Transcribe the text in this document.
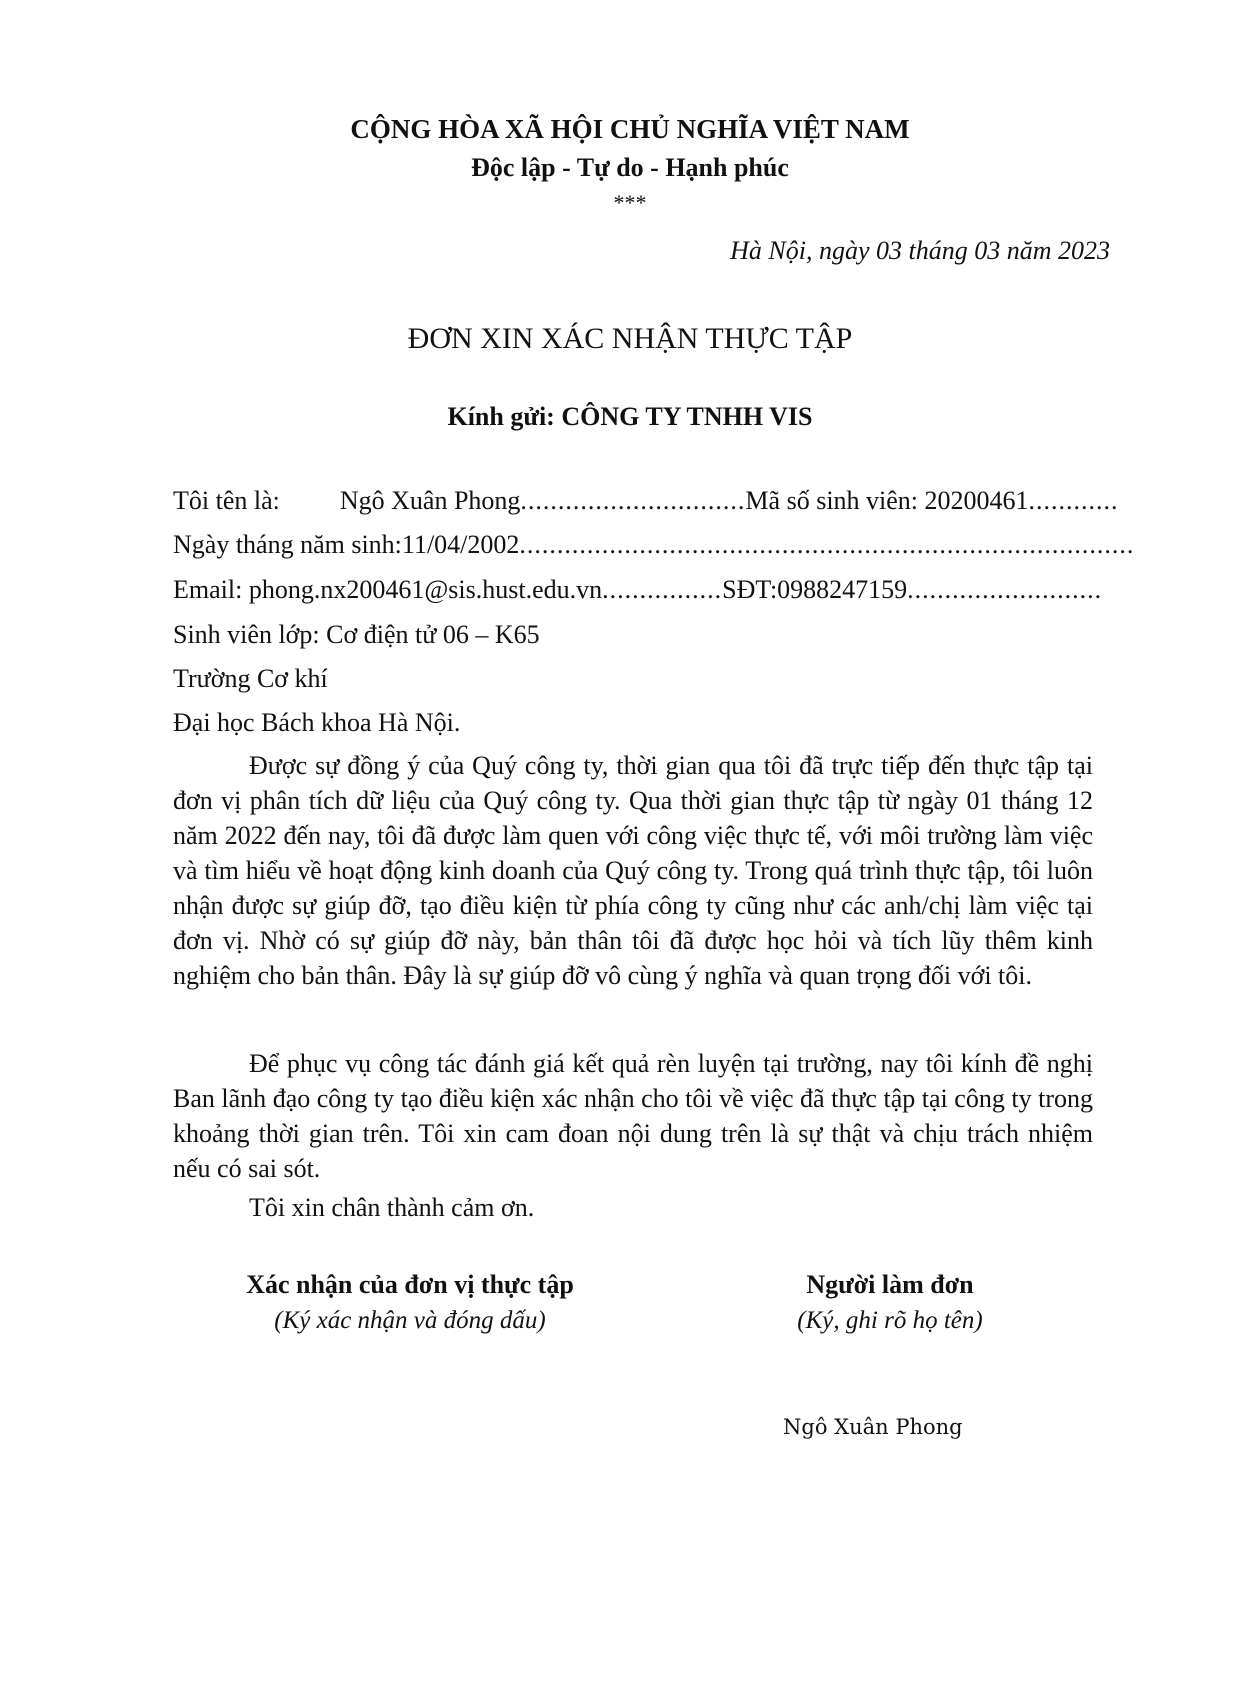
CỘNG HÒA XÃ HỘI CHỦ NGHĨA VIỆT NAM
Độc lập - Tự do - Hạnh phúc
***
Hà Nội, ngày 03 tháng 03 năm 2023
ĐƠN XIN XÁC NHẬN THỰC TẬP
Kính gửi: CÔNG TY TNHH VIS
Tôi tên là: Ngô Xuân Phong..............................Mã số sinh viên: 20200461............
Ngày tháng năm sinh:11/04/2002..................................................................................
Email: phong.nx200461@sis.hust.edu.vn................SĐT:0988247159..........................
Sinh viên lớp: Cơ điện tử 06 – K65
Trường Cơ khí
Đại học Bách khoa Hà Nội.
Được sự đồng ý của Quý công ty, thời gian qua tôi đã trực tiếp đến thực tập tại đơn vị phân tích dữ liệu của Quý công ty. Qua thời gian thực tập từ ngày 01 tháng 12 năm 2022 đến nay, tôi đã được làm quen với công việc thực tế, với môi trường làm việc và tìm hiểu về hoạt động kinh doanh của Quý công ty. Trong quá trình thực tập, tôi luôn nhận được sự giúp đỡ, tạo điều kiện từ phía công ty cũng như các anh/chị làm việc tại đơn vị. Nhờ có sự giúp đỡ này, bản thân tôi đã được học hỏi và tích lũy thêm kinh nghiệm cho bản thân. Đây là sự giúp đỡ vô cùng ý nghĩa và quan trọng đối với tôi.
Để phục vụ công tác đánh giá kết quả rèn luyện tại trường, nay tôi kính đề nghị Ban lãnh đạo công ty tạo điều kiện xác nhận cho tôi về việc đã thực tập tại công ty trong khoảng thời gian trên. Tôi xin cam đoan nội dung trên là sự thật và chịu trách nhiệm nếu có sai sót.
Tôi xin chân thành cảm ơn.
Xác nhận của đơn vị thực tập
(Ký xác nhận và đóng dấu)
Người làm đơn
(Ký, ghi rõ họ tên)
Ngô Xuân Phong
